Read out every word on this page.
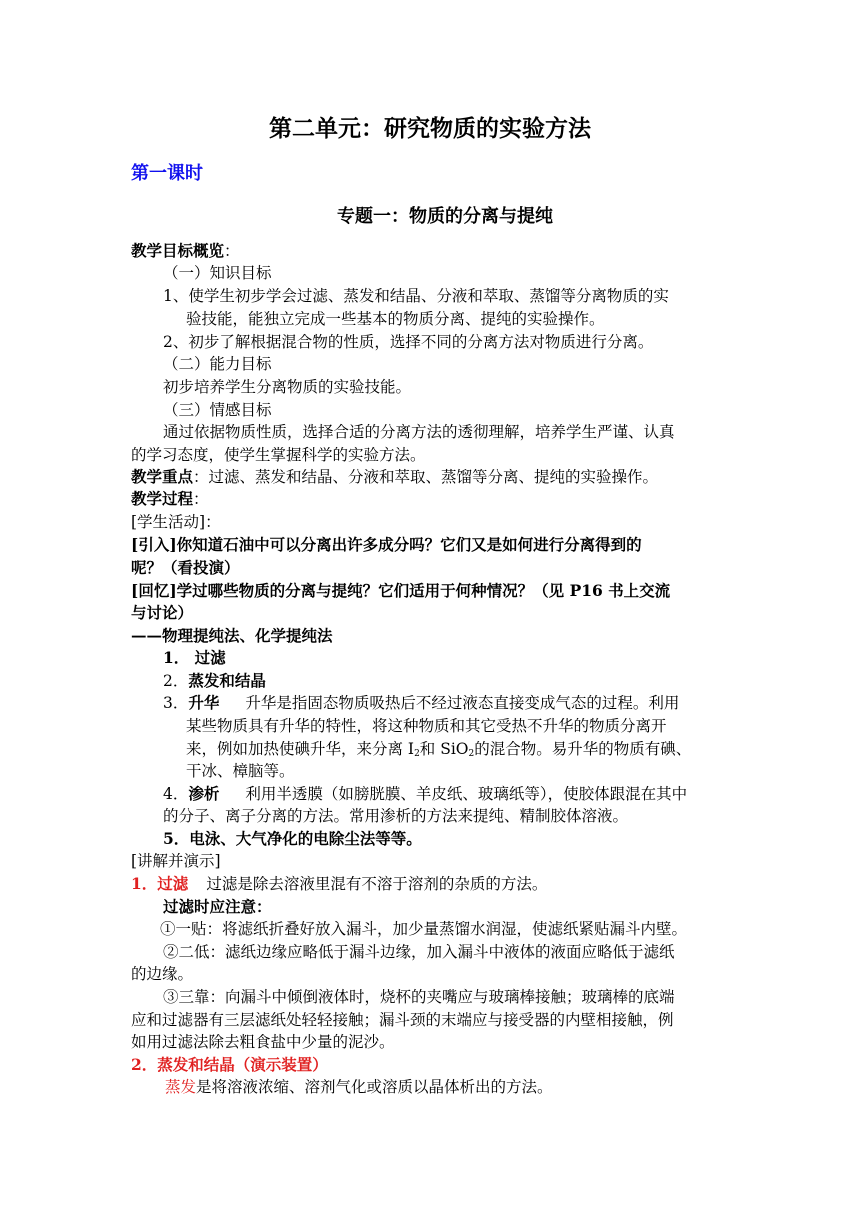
第二单元：研究物质的实验方法
第一课时
专题一：物质的分离与提纯
教学目标概览：
（一）知识目标
1、使学生初步学会过滤、蒸发和结晶、分液和萃取、蒸馏等分离物质的实
验技能，能独立完成一些基本的物质分离、提纯的实验操作。
2、初步了解根据混合物的性质，选择不同的分离方法对物质进行分离。
（二）能力目标
初步培养学生分离物质的实验技能。
（三）情感目标
通过依据物质性质，选择合适的分离方法的透彻理解，培养学生严谨、认真
的学习态度，使学生掌握科学的实验方法。
教学重点：过滤、蒸发和结晶、分液和萃取、蒸馏等分离、提纯的实验操作。
教学过程：
[学生活动]：
[引入]你知道石油中可以分离出许多成分吗？它们又是如何进行分离得到的
呢？（看投演）
[回忆]学过哪些物质的分离与提纯？它们适用于何种情况？（见 P16 书上交流
与讨论）
——物理提纯法、化学提纯法
1． 过滤
2．蒸发和结晶
3．升华 升华是指固态物质吸热后不经过液态直接变成气态的过程。利用
某些物质具有升华的特性，将这种物质和其它受热不升华的物质分离开
来，例如加热使碘升华，来分离 $I_2$和 SiO$_2$的混合物。易升华的物质有碘、
干冰、樟脑等。
4．渗析 利用半透膜（如膀胱膜、羊皮纸、玻璃纸等），使胶体跟混在其中
的分子、离子分离的方法。常用渗析的方法来提纯、精制胶体溶液。
5．电泳、大气净化的电除尘法等等。
[讲解并演示]
1．过滤 过滤是除去溶液里混有不溶于溶剂的杂质的方法。
过滤时应注意：
①一贴：将滤纸折叠好放入漏斗，加少量蒸馏水润湿，使滤纸紧贴漏斗内壁。
②二低：滤纸边缘应略低于漏斗边缘，加入漏斗中液体的液面应略低于滤纸
的边缘。
③三靠：向漏斗中倾倒液体时，烧杯的夹嘴应与玻璃棒接触；玻璃棒的底端
应和过滤器有三层滤纸处轻轻接触；漏斗颈的末端应与接受器的内壁相接触，例
如用过滤法除去粗食盐中少量的泥沙。
2．蒸发和结晶（演示装置）
蒸发是将溶液浓缩、溶剂气化或溶质以晶体析出的方法。
